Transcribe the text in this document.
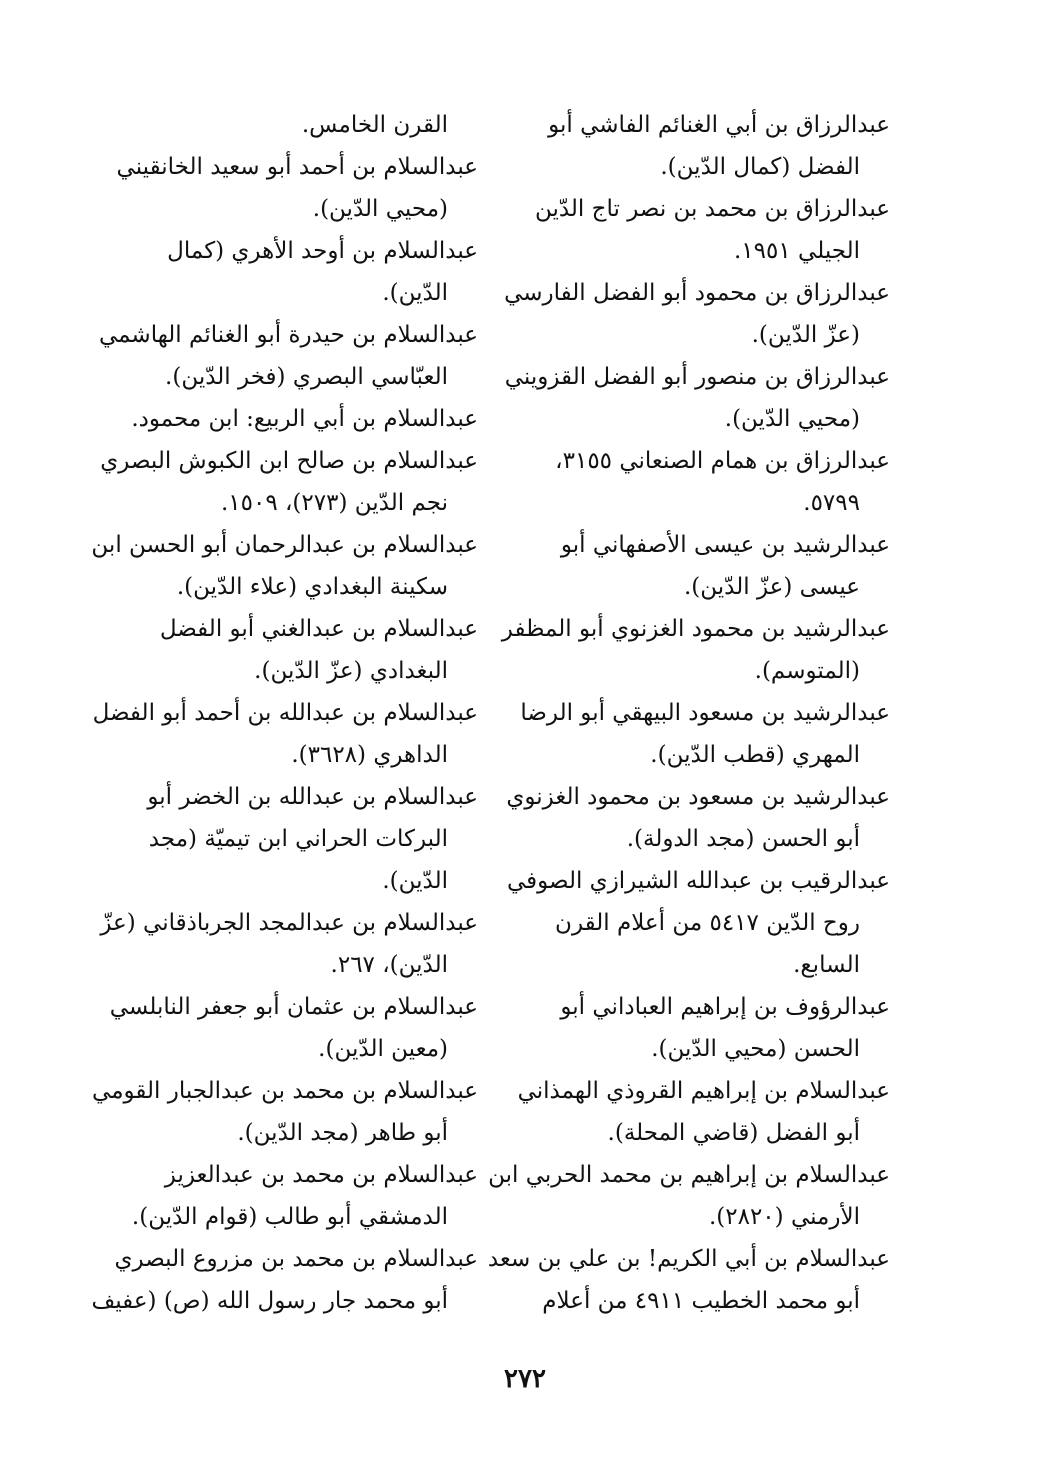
عبدالرزاق بن أبي الغنائم الفاشي أبو
الفضل (كمال الدّين).
عبدالرزاق بن محمد بن نصر تاج الدّين
الجيلي ١٩٥١.
عبدالرزاق بن محمود أبو الفضل الفارسي
(عزّ الدّين).
عبدالرزاق بن منصور أبو الفضل القزويني
(محيي الدّين).
عبدالرزاق بن همام الصنعاني ٣١٥٥،
٥٧٩٩.
عبدالرشيد بن عيسى الأصفهاني أبو
عيسى (عزّ الدّين).
عبدالرشيد بن محمود الغزنوي أبو المظفر
(المتوسم).
عبدالرشيد بن مسعود البيهقي أبو الرضا
المهري (قطب الدّين).
عبدالرشيد بن مسعود بن محمود الغزنوي
أبو الحسن (مجد الدولة).
عبدالرقيب بن عبدالله الشيرازي الصوفي
روح الدّين ٥٤١٧ من أعلام القرن
السابع.
عبدالرؤوف بن إبراهيم العباداني أبو
الحسن (محيي الدّين).
عبدالسلام بن إبراهيم القروذي الهمذاني
أبو الفضل (قاضي المحلة).
عبدالسلام بن إبراهيم بن محمد الحربي ابن
الأرمني (٢٨٢٠).
عبدالسلام بن أبي الكريم! بن علي بن سعد
أبو محمد الخطيب ٤٩١١ من أعلام
القرن الخامس.
عبدالسلام بن أحمد أبو سعيد الخانقيني
(محيي الدّين).
عبدالسلام بن أوحد الأهري (كمال
الدّين).
عبدالسلام بن حيدرة أبو الغنائم الهاشمي
العبّاسي البصري (فخر الدّين).
عبدالسلام بن أبي الربيع: ابن محمود.
عبدالسلام بن صالح ابن الكبوش البصري
نجم الدّين (٢٧٣)، ١٥٠٩.
عبدالسلام بن عبدالرحمان أبو الحسن ابن
سكينة البغدادي (علاء الدّين).
عبدالسلام بن عبدالغني أبو الفضل
البغدادي (عزّ الدّين).
عبدالسلام بن عبدالله بن أحمد أبو الفضل
الداهري (٣٦٢٨).
عبدالسلام بن عبدالله بن الخضر أبو
البركات الحراني ابن تيميّة (مجد
الدّين).
عبدالسلام بن عبدالمجد الجرباذقاني (عزّ
الدّين)، ٢٦٧.
عبدالسلام بن عثمان أبو جعفر النابلسي
(معين الدّين).
عبدالسلام بن محمد بن عبدالجبار القومي
أبو طاهر (مجد الدّين).
عبدالسلام بن محمد بن عبدالعزيز
الدمشقي أبو طالب (قوام الدّين).
عبدالسلام بن محمد بن مزروع البصري
أبو محمد جار رسول الله (ص) (عفيف
٢٧٢
